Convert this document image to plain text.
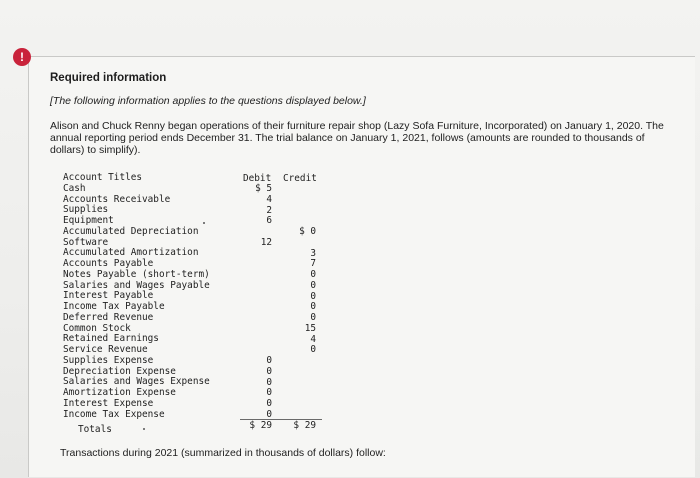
!
Required information
[The following information applies to the questions displayed below.]
Alison and Chuck Renny began operations of their furniture repair shop (Lazy Sofa Furniture, Incorporated) on January 1, 2020. The annual reporting period ends December 31. The trial balance on January 1, 2021, follows (amounts are rounded to thousands of dollars) to simplify).
Account Titles
Cash
Accounts Receivable
Supplies
Equipment
Accumulated Depreciation
Software
Accumulated Amortization
Accounts Payable
Notes Payable (short-term)
Salaries and Wages Payable
Interest Payable
Income Tax Payable
Deferred Revenue
Common Stock
Retained Earnings
Service Revenue
Supplies Expense
Depreciation Expense
Salaries and Wages Expense
Amortization Expense
Interest Expense
Income Tax Expense
Debit Credit
$ 5
4
2
6
12
0
0
0
0
0
0
$ 0
3
7
0
0
0
0
0
15
4
0
Totals	$ 29 $ 29
Transactions during 2021 (summarized in thousands of dollars) follow:
